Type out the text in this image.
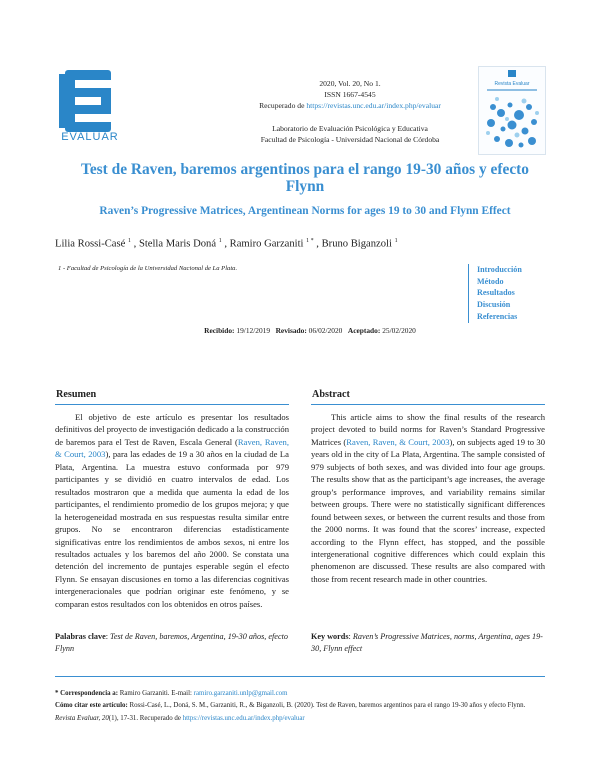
EVALUAR
2020, Vol. 20, No 1.
ISSN 1667-4545
Recuperado de https://revistas.unc.edu.ar/index.php/evaluar
Laboratorio de Evaluación Psicológica y Educativa
Facultad de Psicología - Universidad Nacional de Córdoba
Revista Evaluar
Test de Raven, baremos argentinos para el rango 19-30 años y efecto Flynn
Raven’s Progressive Matrices, Argentinean Norms for ages 19 to 30 and Flynn Effect
Lilia Rossi-Casé $^1$ , Stella Maris Doná $^1$ , Ramiro Garzaniti $^{1 *}$ , Bruno Biganzoli $^1$
1 - Facultad de Psicología de la Universidad Nacional de La Plata.	Introducción
Método
Resultados
Discusión
Referencias
Recibido: 19/12/2019 Revisado: 06/02/2020 Aceptado: 25/02/2020
Resumen	Abstract

El objetivo de este artículo es presentar los resultados definitivos del proyecto de investigación dedicado a la construcción de baremos para el Test de Raven, Escala General (Raven, Raven, & Court, 2003), para las edades de 19 a 30 años en la ciudad de La Plata, Argentina. La muestra estuvo conformada por 979 participantes y se dividió en cuatro intervalos de edad. Los resultados mostraron que a medida que aumenta la edad de los participantes, el rendimiento promedio de los grupos mejora; y que la heterogeneidad mostrada en sus respuestas resulta similar entre grupos. No se encontraron diferencias estadísticamente significativas entre los rendimientos de ambos sexos, ni entre los resultados actuales y los baremos del año 2000. Se constata una detención del incremento de puntajes esperable según el efecto Flynn. Se ensayan discusiones en torno a las diferencias cognitivas intergeneracionales que podrían originar este fenómeno, y se comparan estos resultados con los obtenidos en otros países.

This article aims to show the final results of the research project devoted to build norms for Raven’s Standard Progressive Matrices (Raven, Raven, & Court, 2003), on subjects aged 19 to 30 years old in the city of La Plata, Argentina. The sample consisted of 979 subjects of both sexes, and was divided into four age groups. The results show that as the participant’s age increases, the average group’s performance improves, and variability remains similar between groups. There were no statistically significant differences found between sexes, or between the current results and those from the 2000 norms. It was found that the scores’ increase, expected according to the Flynn effect, has stopped, and the possible intergenerational cognitive differences which could explain this phenomenon are discussed. These results are also compared with those from recent research made in other countries.

Palabras clave: Test de Raven, baremos, Argentina, 19-30 años, efecto Flynn
Key words: Raven’s Progressive Matrices, norms, Argentina, ages 19-30, Flynn effect
* Correspondencia a: Ramiro Garzaniti. E-mail: ramiro.garzaniti.unlp@gmail.com
Cómo citar este artículo: Rossi-Casé, L., Doná, S. M., Garzaniti, R., & Biganzoli, B. (2020). Test de Raven, baremos argentinos para el rango 19-30 años y efecto Flynn. Revista Evaluar, 20(1), 17-31. Recuperado de https://revistas.unc.edu.ar/index.php/evaluar
